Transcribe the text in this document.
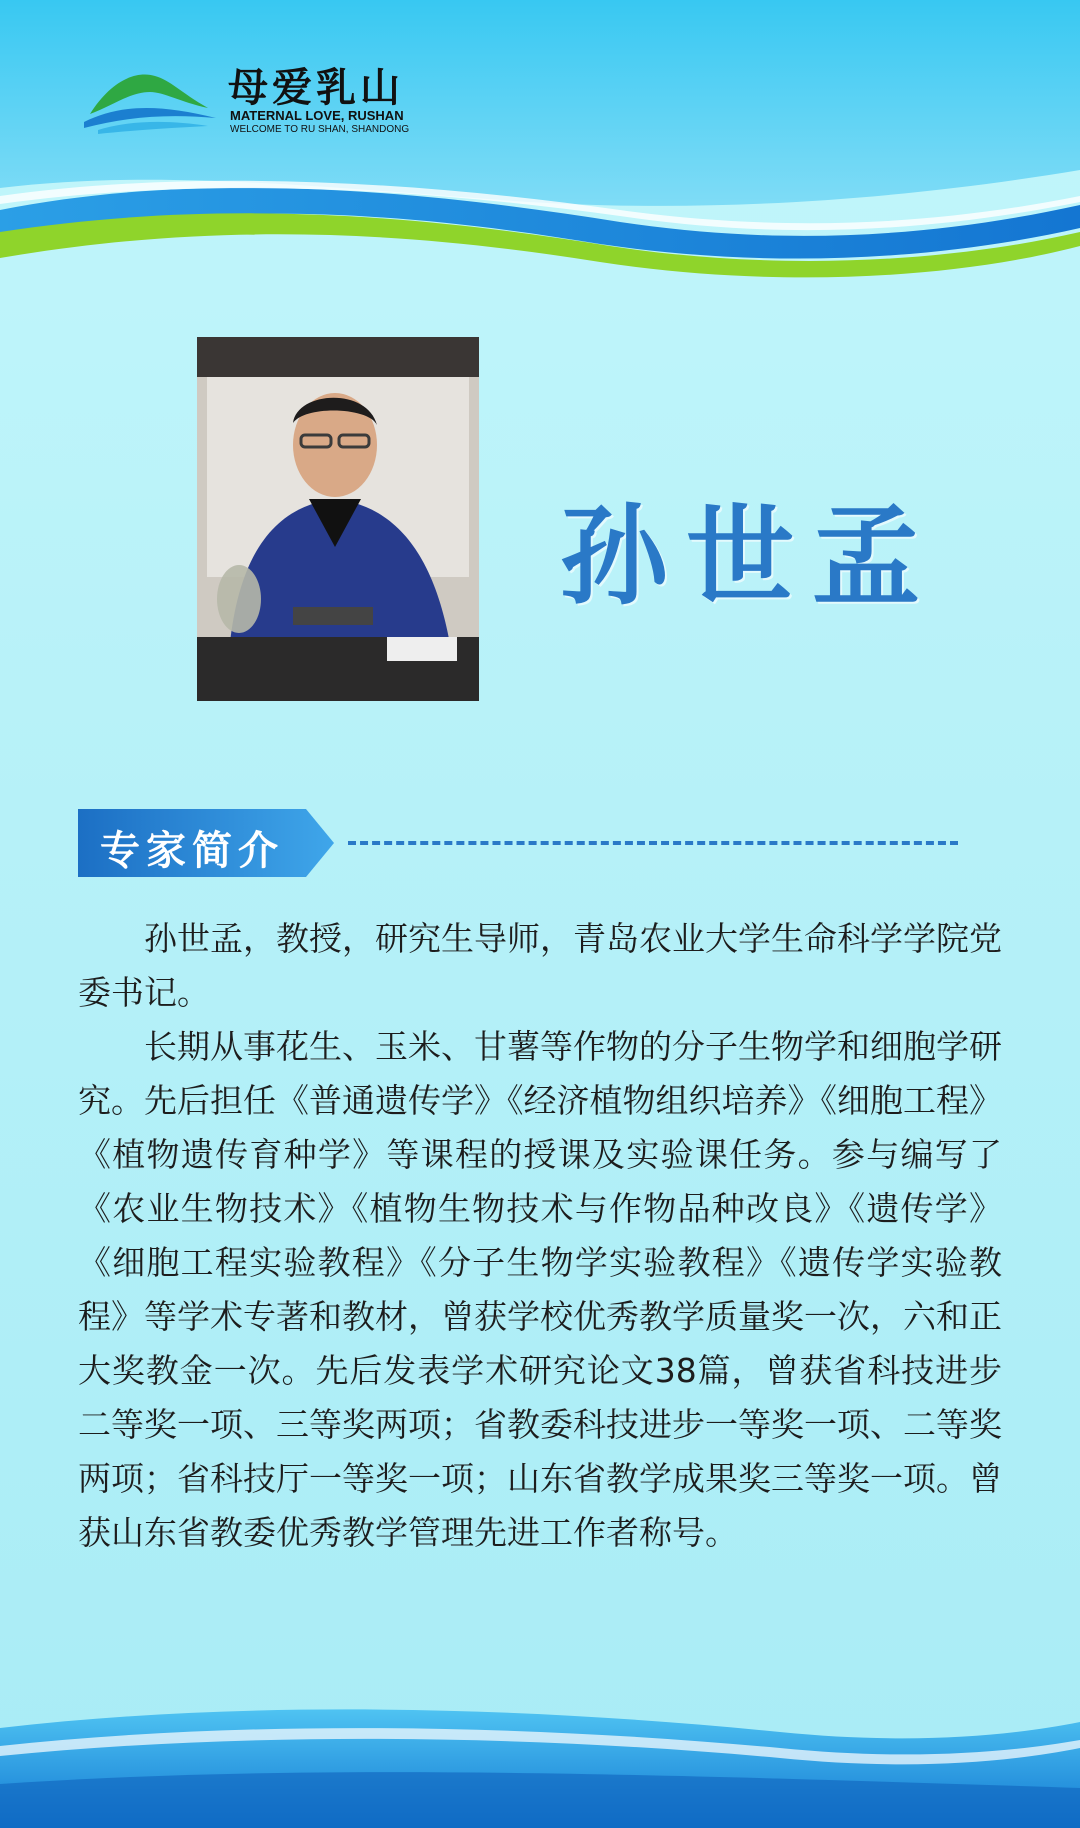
母爱乳山
MATERNAL LOVE, RUSHAN
WELCOME TO RU SHAN, SHANDONG
孙世孟
专家简介

孙世孟，教授，研究生导师，青岛农业大学生命科学学院党委书记。

长期从事花生、玉米、甘薯等作物的分子生物学和细胞学研究。先后担任《普通遗传学》《经济植物组织培养》《细胞工程》《植物遗传育种学》等课程的授课及实验课任务。参与编写了《农业生物技术》《植物生物技术与作物品种改良》《遗传学》《细胞工程实验教程》《分子生物学实验教程》《遗传学实验教程》等学术专著和教材，曾获学校优秀教学质量奖一次，六和正大奖教金一次。先后发表学术研究论文38篇，曾获省科技进步二等奖一项、三等奖两项；省教委科技进步一等奖一项、二等奖两项；省科技厅一等奖一项；山东省教学成果奖三等奖一项。曾获山东省教委优秀教学管理先进工作者称号。
